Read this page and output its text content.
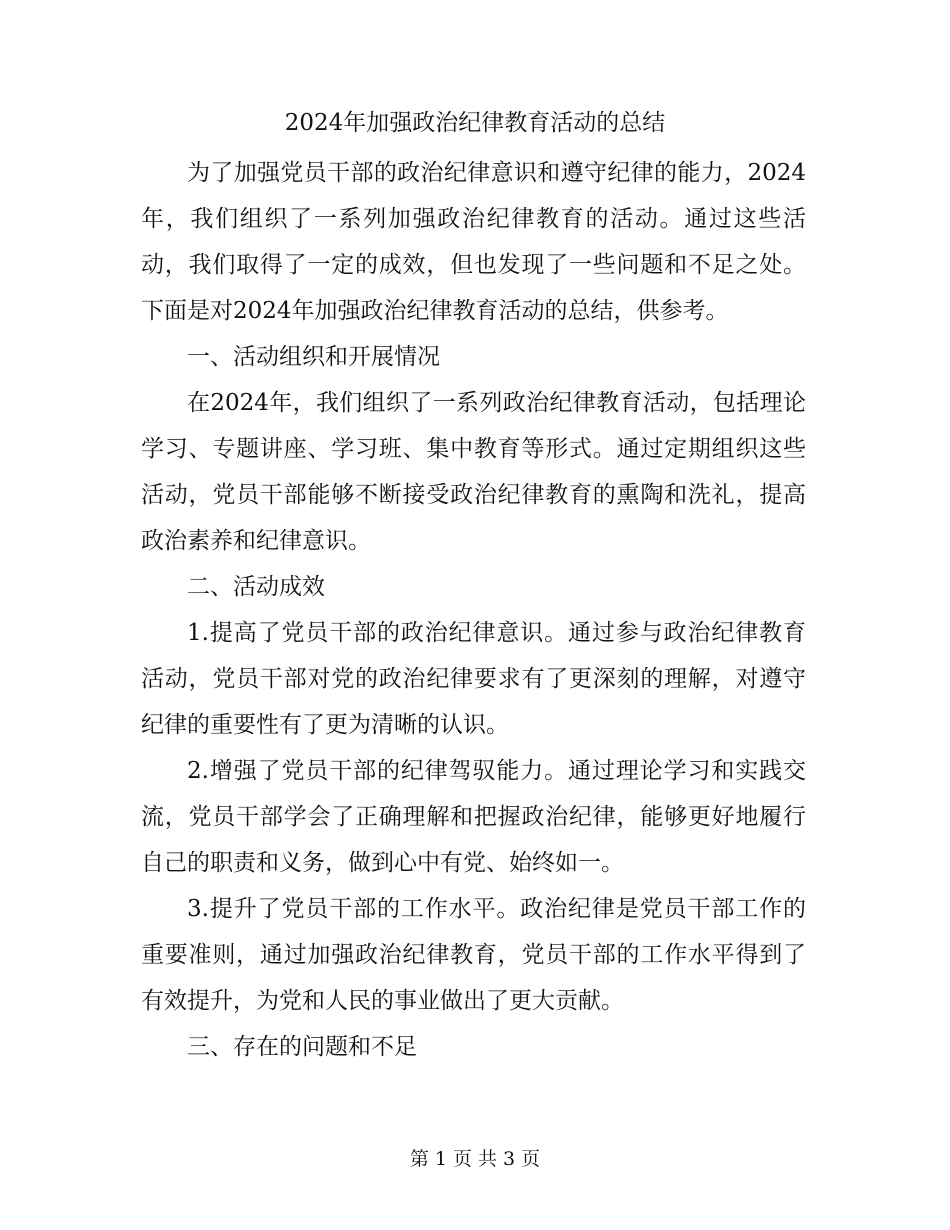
2024年加强政治纪律教育活动的总结

为了加强党员干部的政治纪律意识和遵守纪律的能力，2024年，我们组织了一系列加强政治纪律教育的活动。通过这些活动，我们取得了一定的成效，但也发现了一些问题和不足之处。下面是对2024年加强政治纪律教育活动的总结，供参考。

一、活动组织和开展情况

在2024年，我们组织了一系列政治纪律教育活动，包括理论学习、专题讲座、学习班、集中教育等形式。通过定期组织这些活动，党员干部能够不断接受政治纪律教育的熏陶和洗礼，提高政治素养和纪律意识。

二、活动成效

1.提高了党员干部的政治纪律意识。通过参与政治纪律教育活动，党员干部对党的政治纪律要求有了更深刻的理解，对遵守纪律的重要性有了更为清晰的认识。

2.增强了党员干部的纪律驾驭能力。通过理论学习和实践交流，党员干部学会了正确理解和把握政治纪律，能够更好地履行自己的职责和义务，做到心中有党、始终如一。

3.提升了党员干部的工作水平。政治纪律是党员干部工作的重要准则，通过加强政治纪律教育，党员干部的工作水平得到了有效提升，为党和人民的事业做出了更大贡献。

三、存在的问题和不足

第 1 页 共 3 页
